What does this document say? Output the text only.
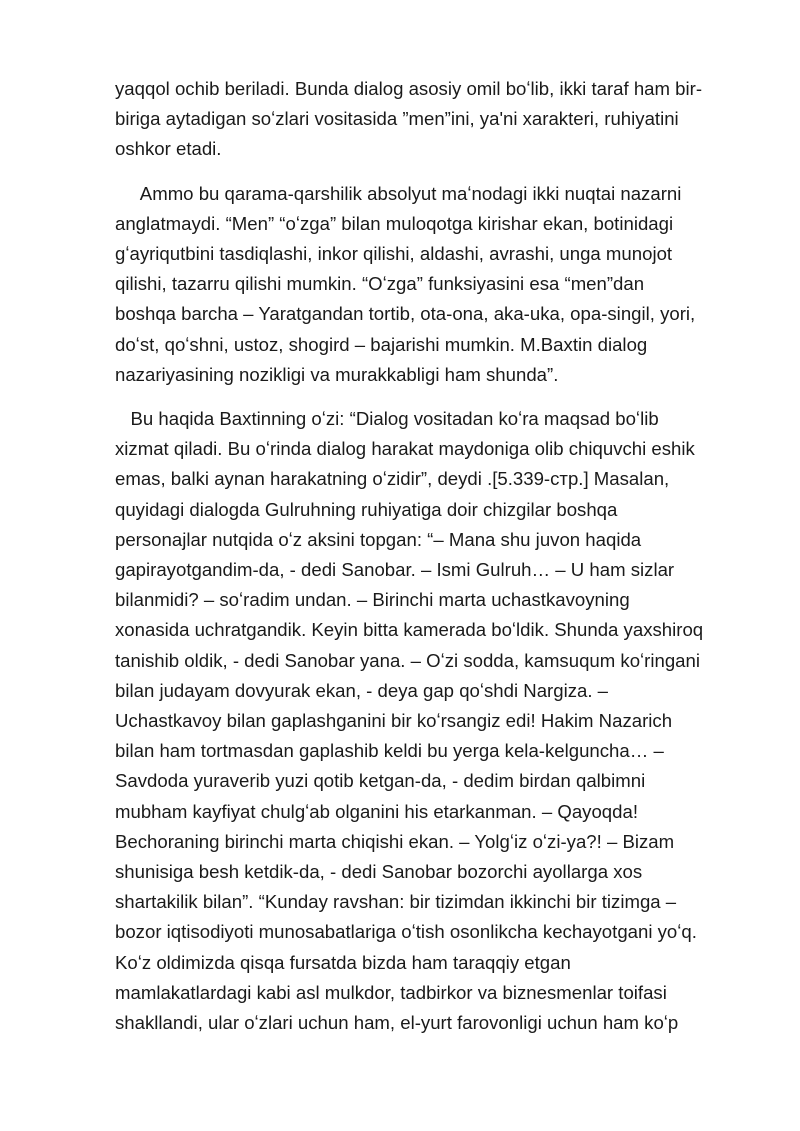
yaqqol ochib beriladi. Bunda dialog asosiy omil boʻlib, ikki taraf ham bir-
biriga aytadigan soʻzlari vositasida ”men”ini, ya'ni xarakteri, ruhiyatini
oshkor etadi.
Ammo bu qarama-qarshilik absolyut maʻnodagi ikki nuqtai nazarni
anglatmaydi. “Men” “oʻzga” bilan muloqotga kirishar ekan, botinidagi
gʻayriqutbini tasdiqlashi, inkor qilishi, aldashi, avrashi, unga munojot
qilishi, tazarru qilishi mumkin. “Oʻzga” funksiyasini esa “men”dan
boshqa barcha – Yaratgandan tortib, ota-ona, aka-uka, opa-singil, yori,
doʻst, qoʻshni, ustoz, shogird – bajarishi mumkin. M.Baxtin dialog
nazariyasining nozikligi va murakkabligi ham shunda”.
Bu haqida Baxtinning oʻzi: “Dialog vositadan koʻra maqsad boʻlib
xizmat qiladi. Bu oʻrinda dialog harakat maydoniga olib chiquvchi eshik
emas, balki aynan harakatning oʻzidir”, deydi .[5.339-стр.] Masalan,
quyidagi dialogda Gulruhning ruhiyatiga doir chizgilar boshqa
personajlar nutqida oʻz aksini topgan: “– Mana shu juvon haqida
gapirayotgandim-da, - dedi Sanobar. – Ismi Gulruh… – U ham sizlar
bilanmidi? – soʻradim undan. – Birinchi marta uchastkavoyning
xonasida uchratgandik. Keyin bitta kamerada boʻldik. Shunda yaxshiroq
tanishib oldik, - dedi Sanobar yana. – Oʻzi sodda, kamsuqum koʻringani
bilan judayam dovyurak ekan, - deya gap qoʻshdi Nargiza. –
Uchastkavoy bilan gaplashganini bir koʻrsangiz edi! Hakim Nazarich
bilan ham tortmasdan gaplashib keldi bu yerga kela-kelguncha… –
Savdoda yuraverib yuzi qotib ketgan-da, - dedim birdan qalbimni
mubham kayfiyat chulgʻab olganini his etarkanman. – Qayoqda!
Bechoraning birinchi marta chiqishi ekan. – Yolgʻiz oʻzi-ya?! – Bizam
shunisiga besh ketdik-da, - dedi Sanobar bozorchi ayollarga xos
shartakilik bilan”. “Kunday ravshan: bir tizimdan ikkinchi bir tizimga –
bozor iqtisodiyoti munosabatlariga oʻtish osonlikcha kechayotgani yoʻq.
Koʻz oldimizda qisqa fursatda bizda ham taraqqiy etgan
mamlakatlardagi kabi asl mulkdor, tadbirkor va biznesmenlar toifasi
shakllandi, ular oʻzlari uchun ham, el-yurt farovonligi uchun ham koʻp
